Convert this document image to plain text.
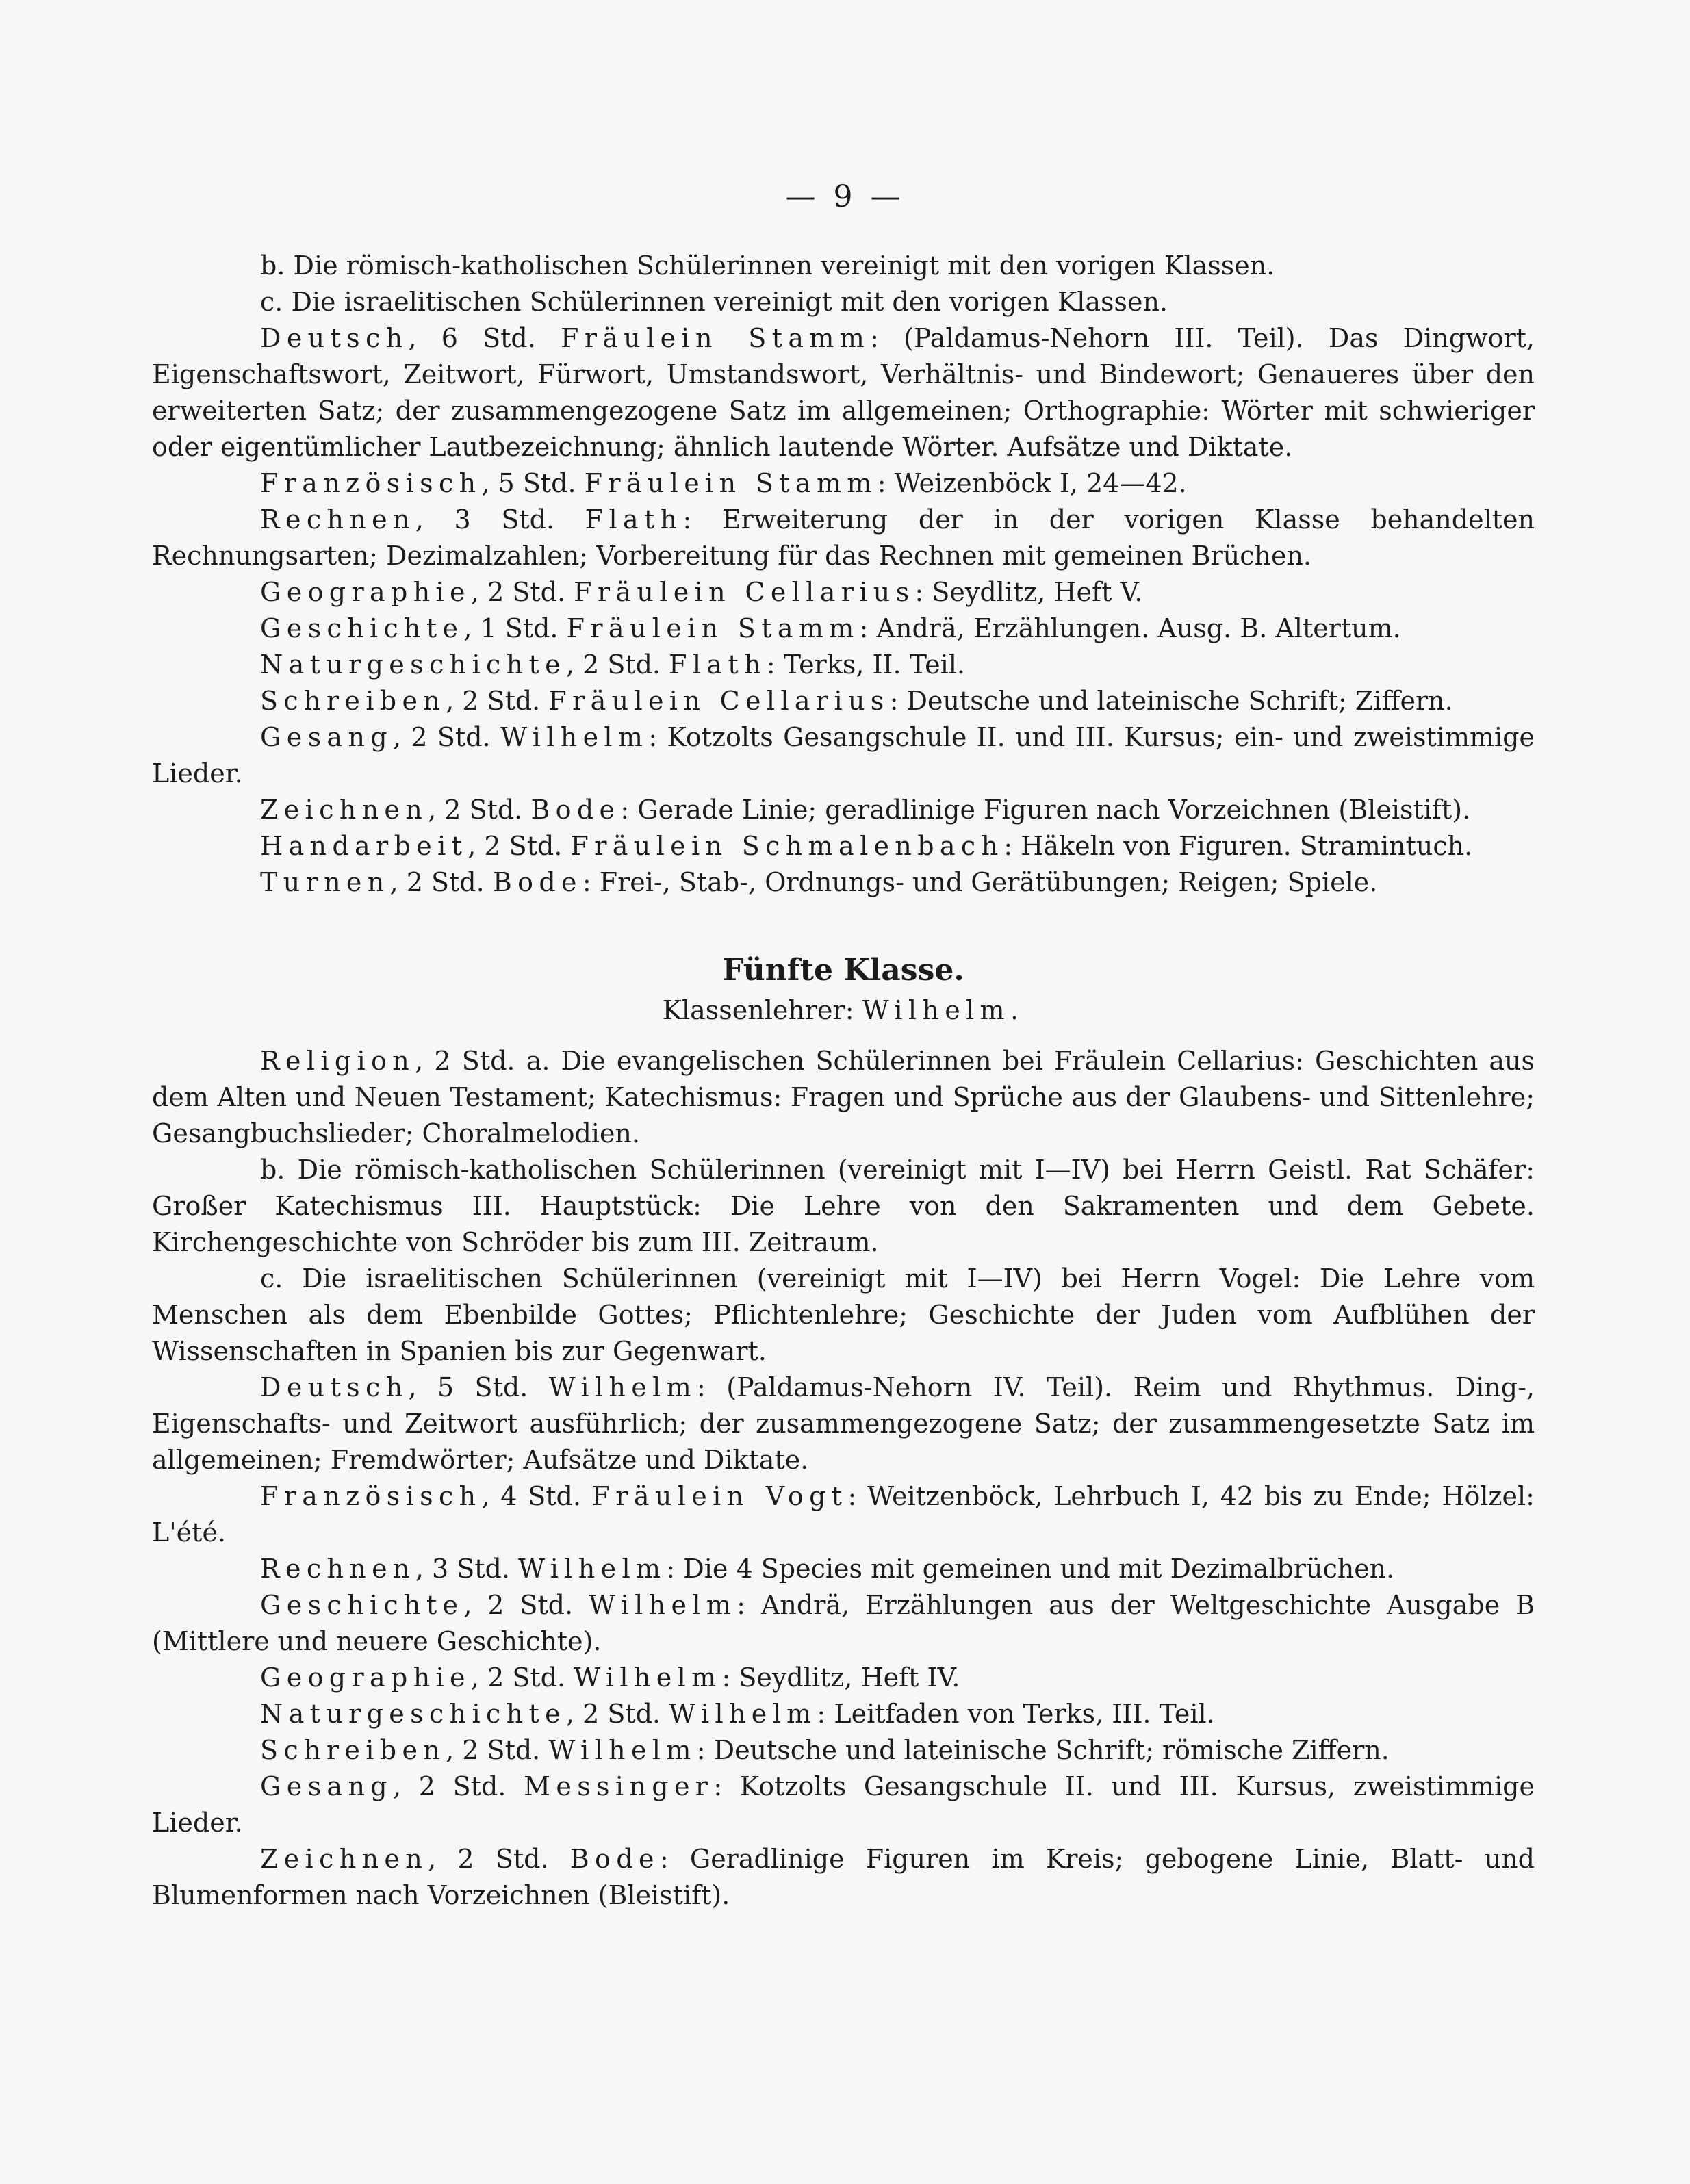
— 9 —

b. Die römisch-katholischen Schülerinnen vereinigt mit den vorigen Klassen.

c. Die israelitischen Schülerinnen vereinigt mit den vorigen Klassen.

Deutsch, 6 Std. Fräulein Stamm: (Paldamus-Nehorn III. Teil). Das Dingwort, Eigenschaftswort, Zeitwort, Fürwort, Umstandswort, Verhältnis- und Bindewort; Genaueres über den erweiterten Satz; der zusammengezogene Satz im allgemeinen; Orthographie: Wörter mit schwieriger oder eigentümlicher Lautbezeichnung; ähnlich lautende Wörter. Aufsätze und Diktate.

Französisch, 5 Std. Fräulein Stamm: Weizenböck I, 24—42.

Rechnen, 3 Std. Flath: Erweiterung der in der vorigen Klasse behandelten Rechnungsarten; Dezimalzahlen; Vorbereitung für das Rechnen mit gemeinen Brüchen.

Geographie, 2 Std. Fräulein Cellarius: Seydlitz, Heft V.

Geschichte, 1 Std. Fräulein Stamm: Andrä, Erzählungen. Ausg. B. Altertum.

Naturgeschichte, 2 Std. Flath: Terks, II. Teil.

Schreiben, 2 Std. Fräulein Cellarius: Deutsche und lateinische Schrift; Ziffern.

Gesang, 2 Std. Wilhelm: Kotzolts Gesangschule II. und III. Kursus; ein- und zweistimmige Lieder.

Zeichnen, 2 Std. Bode: Gerade Linie; geradlinige Figuren nach Vorzeichnen (Bleistift).

Handarbeit, 2 Std. Fräulein Schmalenbach: Häkeln von Figuren. Stramintuch.

Turnen, 2 Std. Bode: Frei-, Stab-, Ordnungs- und Gerätübungen; Reigen; Spiele.

Fünfte Klasse.

Klassenlehrer: Wilhelm.

Religion, 2 Std. a. Die evangelischen Schülerinnen bei Fräulein Cellarius: Geschichten aus dem Alten und Neuen Testament; Katechismus: Fragen und Sprüche aus der Glaubens- und Sittenlehre; Gesangbuchslieder; Choralmelodien.

b. Die römisch-katholischen Schülerinnen (vereinigt mit I—IV) bei Herrn Geistl. Rat Schäfer: Großer Katechismus III. Hauptstück: Die Lehre von den Sakramenten und dem Gebete. Kirchengeschichte von Schröder bis zum III. Zeitraum.

c. Die israelitischen Schülerinnen (vereinigt mit I—IV) bei Herrn Vogel: Die Lehre vom Menschen als dem Ebenbilde Gottes; Pflichtenlehre; Geschichte der Juden vom Aufblühen der Wissenschaften in Spanien bis zur Gegenwart.

Deutsch, 5 Std. Wilhelm: (Paldamus-Nehorn IV. Teil). Reim und Rhythmus. Ding-, Eigenschafts- und Zeitwort ausführlich; der zusammengezogene Satz; der zusammengesetzte Satz im allgemeinen; Fremdwörter; Aufsätze und Diktate.

Französisch, 4 Std. Fräulein Vogt: Weitzenböck, Lehrbuch I, 42 bis zu Ende; Hölzel: L'été.

Rechnen, 3 Std. Wilhelm: Die 4 Species mit gemeinen und mit Dezimalbrüchen.

Geschichte, 2 Std. Wilhelm: Andrä, Erzählungen aus der Weltgeschichte Ausgabe B (Mittlere und neuere Geschichte).

Geographie, 2 Std. Wilhelm: Seydlitz, Heft IV.

Naturgeschichte, 2 Std. Wilhelm: Leitfaden von Terks, III. Teil.

Schreiben, 2 Std. Wilhelm: Deutsche und lateinische Schrift; römische Ziffern.

Gesang, 2 Std. Messinger: Kotzolts Gesangschule II. und III. Kursus, zweistimmige Lieder.

Zeichnen, 2 Std. Bode: Geradlinige Figuren im Kreis; gebogene Linie, Blatt- und Blumenformen nach Vorzeichnen (Bleistift).
